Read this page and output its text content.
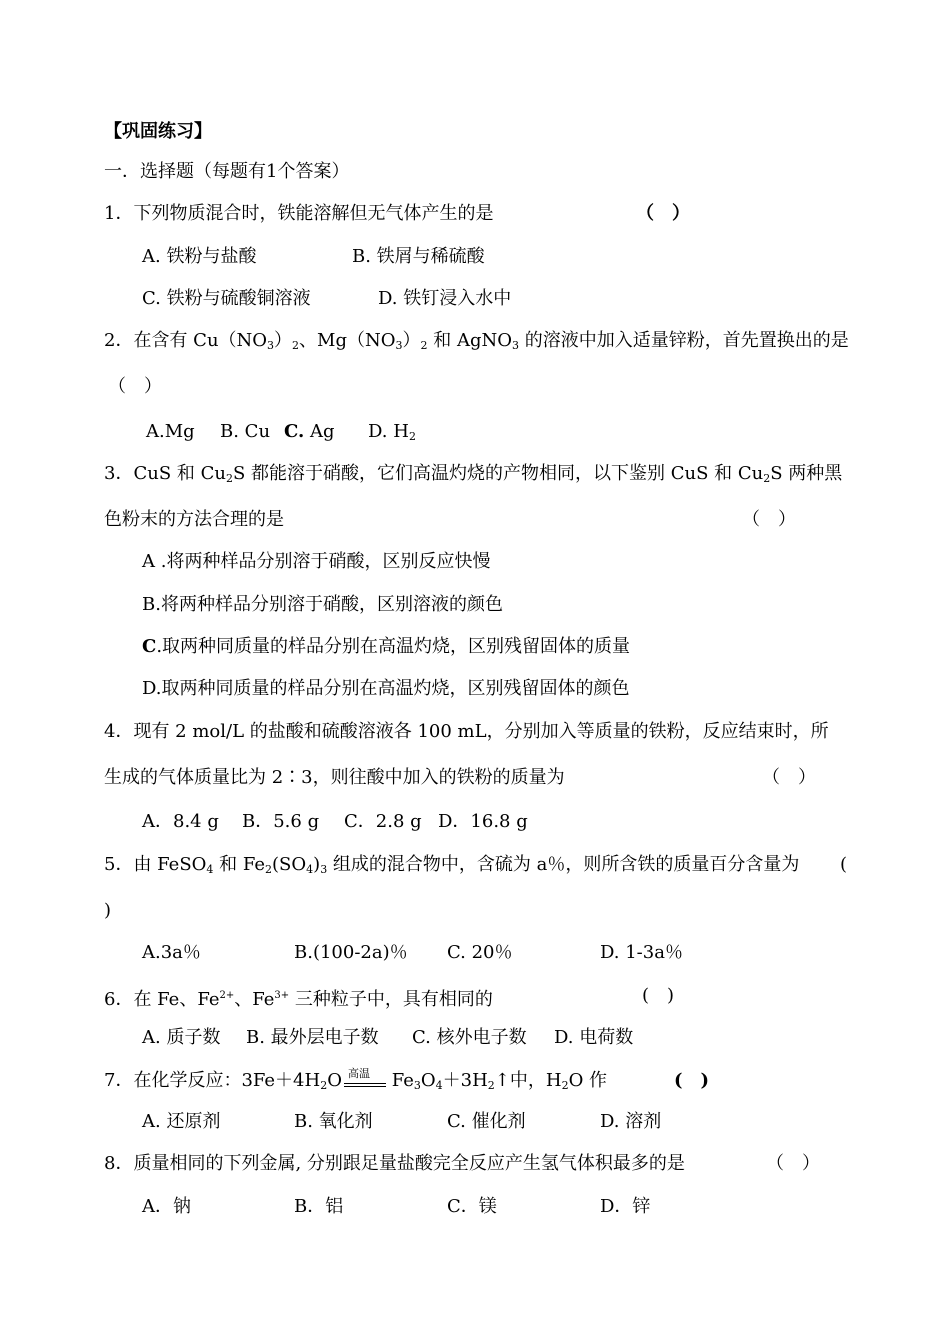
【巩固练习】
一．选择题（每题有1个答案）
1．下列物质混合时，铁能溶解但无气体产生的是	（　）
A. 铁粉与盐酸	B. 铁屑与稀硫酸
C. 铁粉与硫酸铜溶液	D. 铁钉浸入水中
2．在含有 $Cu(NO_3)_2$、$Mg(NO_3)_2$ 和 AgNO$_3$ 的溶液中加入适量锌粉，首先置换出的是
（　）
A.Mg B. Cu C. Ag D. $H_2$
3．CuS 和 $Cu_2S$ 都能溶于硝酸，它们高温灼烧的产物相同，以下鉴别 CuS 和 $Cu_2S$ 两种黑
色粉末的方法合理的是	（　）
A .将两种样品分别溶于硝酸，区别反应快慢
B.将两种样品分别溶于硝酸，区别溶液的颜色
C.取两种同质量的样品分别在高温灼烧，区别残留固体的质量
D.取两种同质量的样品分别在高温灼烧，区别残留固体的颜色
4．现有 2 mol/L 的盐酸和硫酸溶液各 100 mL，分别加入等质量的铁粉，反应结束时，所
生成的气体质量比为 2∶3，则往酸中加入的铁粉的质量为	（　）
A．8.4 g B．5.6 g C．2.8 g D．16.8 g
5．由 FeSO$_4$ 和 $Fe_2(SO_4)_3$ 组成的混合物中，含硫为 a％，则所含铁的质量百分含量为 (
)
A.3a％	B.(100-2a)％ C. 20％	D. 1-3a％
6．在 Fe、$Fe^{2+}$、$Fe^{3+}$ 三种粒子中，具有相同的	(　)
A. 质子数 B. 最外层电子数 C. 核外电子数 D. 电荷数
7．在化学反应：$3Fe+4H_2O$ 高温 $Fe_3O_4+3H_2↑$中，$H_2O$ 作	(　)
A. 还原剂	B. 氧化剂	C. 催化剂	D. 溶剂
8．质量相同的下列金属, 分别跟足量盐酸完全反应产生氢气体积最多的是	（　）
A．钠	B．铝	C．镁	D．锌
